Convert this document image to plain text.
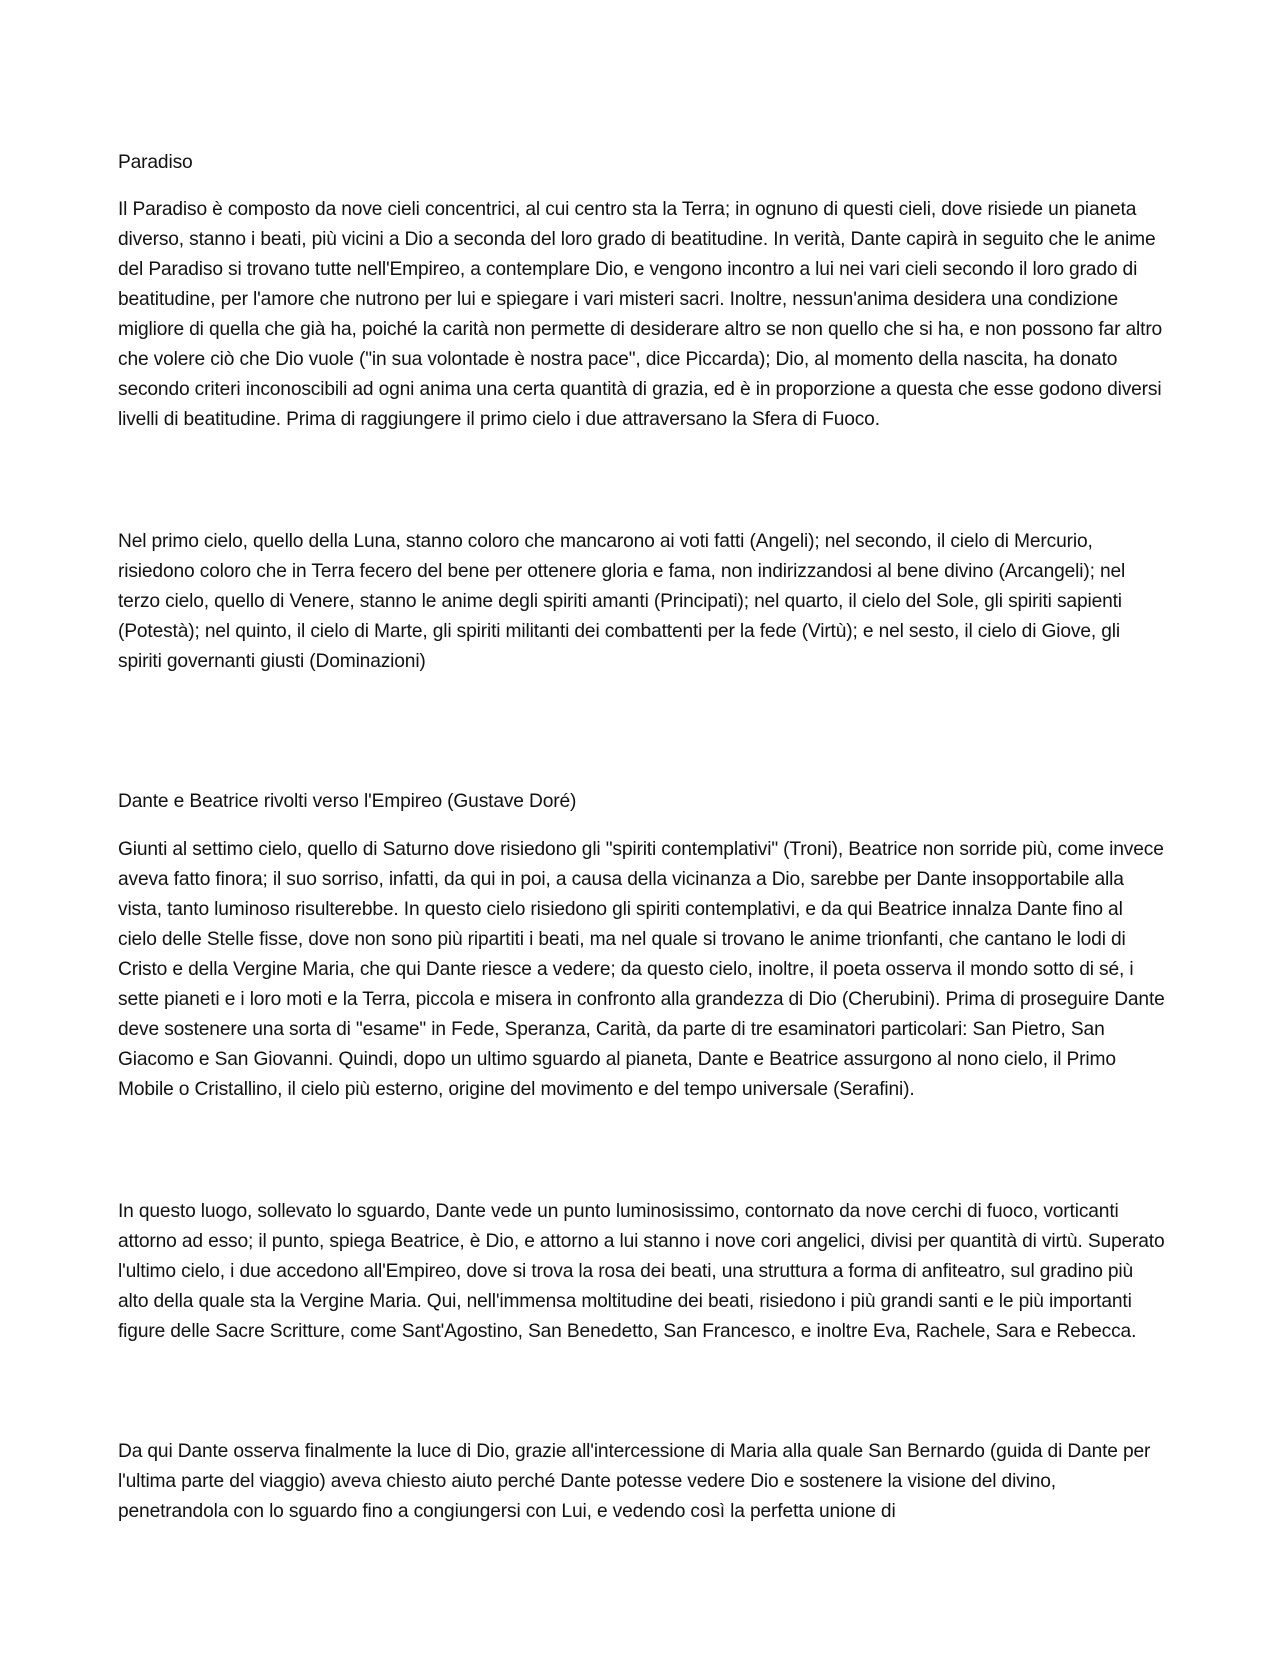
Paradiso

Il Paradiso è composto da nove cieli concentrici, al cui centro sta la Terra; in ognuno di questi cieli, dove risiede un pianeta diverso, stanno i beati, più vicini a Dio a seconda del loro grado di beatitudine. In verità, Dante capirà in seguito che le anime del Paradiso si trovano tutte nell'Empireo, a contemplare Dio, e vengono incontro a lui nei vari cieli secondo il loro grado di beatitudine, per l'amore che nutrono per lui e spiegare i vari misteri sacri. Inoltre, nessun'anima desidera una condizione migliore di quella che già ha, poiché la carità non permette di desiderare altro se non quello che si ha, e non possono far altro che volere ciò che Dio vuole ("in sua volontade è nostra pace", dice Piccarda); Dio, al momento della nascita, ha donato secondo criteri inconoscibili ad ogni anima una certa quantità di grazia, ed è in proporzione a questa che esse godono diversi livelli di beatitudine. Prima di raggiungere il primo cielo i due attraversano la Sfera di Fuoco.

Nel primo cielo, quello della Luna, stanno coloro che mancarono ai voti fatti (Angeli); nel secondo, il cielo di Mercurio, risiedono coloro che in Terra fecero del bene per ottenere gloria e fama, non indirizzandosi al bene divino (Arcangeli); nel terzo cielo, quello di Venere, stanno le anime degli spiriti amanti (Principati); nel quarto, il cielo del Sole, gli spiriti sapienti (Potestà); nel quinto, il cielo di Marte, gli spiriti militanti dei combattenti per la fede (Virtù); e nel sesto, il cielo di Giove, gli spiriti governanti giusti (Dominazioni)

Dante e Beatrice rivolti verso l'Empireo (Gustave Doré)

Giunti al settimo cielo, quello di Saturno dove risiedono gli "spiriti contemplativi" (Troni), Beatrice non sorride più, come invece aveva fatto finora; il suo sorriso, infatti, da qui in poi, a causa della vicinanza a Dio, sarebbe per Dante insopportabile alla vista, tanto luminoso risulterebbe. In questo cielo risiedono gli spiriti contemplativi, e da qui Beatrice innalza Dante fino al cielo delle Stelle fisse, dove non sono più ripartiti i beati, ma nel quale si trovano le anime trionfanti, che cantano le lodi di Cristo e della Vergine Maria, che qui Dante riesce a vedere; da questo cielo, inoltre, il poeta osserva il mondo sotto di sé, i sette pianeti e i loro moti e la Terra, piccola e misera in confronto alla grandezza di Dio (Cherubini). Prima di proseguire Dante deve sostenere una sorta di "esame" in Fede, Speranza, Carità, da parte di tre esaminatori particolari: San Pietro, San Giacomo e San Giovanni. Quindi, dopo un ultimo sguardo al pianeta, Dante e Beatrice assurgono al nono cielo, il Primo Mobile o Cristallino, il cielo più esterno, origine del movimento e del tempo universale (Serafini).

In questo luogo, sollevato lo sguardo, Dante vede un punto luminosissimo, contornato da nove cerchi di fuoco, vorticanti attorno ad esso; il punto, spiega Beatrice, è Dio, e attorno a lui stanno i nove cori angelici, divisi per quantità di virtù. Superato l'ultimo cielo, i due accedono all'Empireo, dove si trova la rosa dei beati, una struttura a forma di anfiteatro, sul gradino più alto della quale sta la Vergine Maria. Qui, nell'immensa moltitudine dei beati, risiedono i più grandi santi e le più importanti figure delle Sacre Scritture, come Sant'Agostino, San Benedetto, San Francesco, e inoltre Eva, Rachele, Sara e Rebecca.

Da qui Dante osserva finalmente la luce di Dio, grazie all'intercessione di Maria alla quale San Bernardo (guida di Dante per l'ultima parte del viaggio) aveva chiesto aiuto perché Dante potesse vedere Dio e sostenere la visione del divino, penetrandola con lo sguardo fino a congiungersi con Lui, e vedendo così la perfetta unione di
